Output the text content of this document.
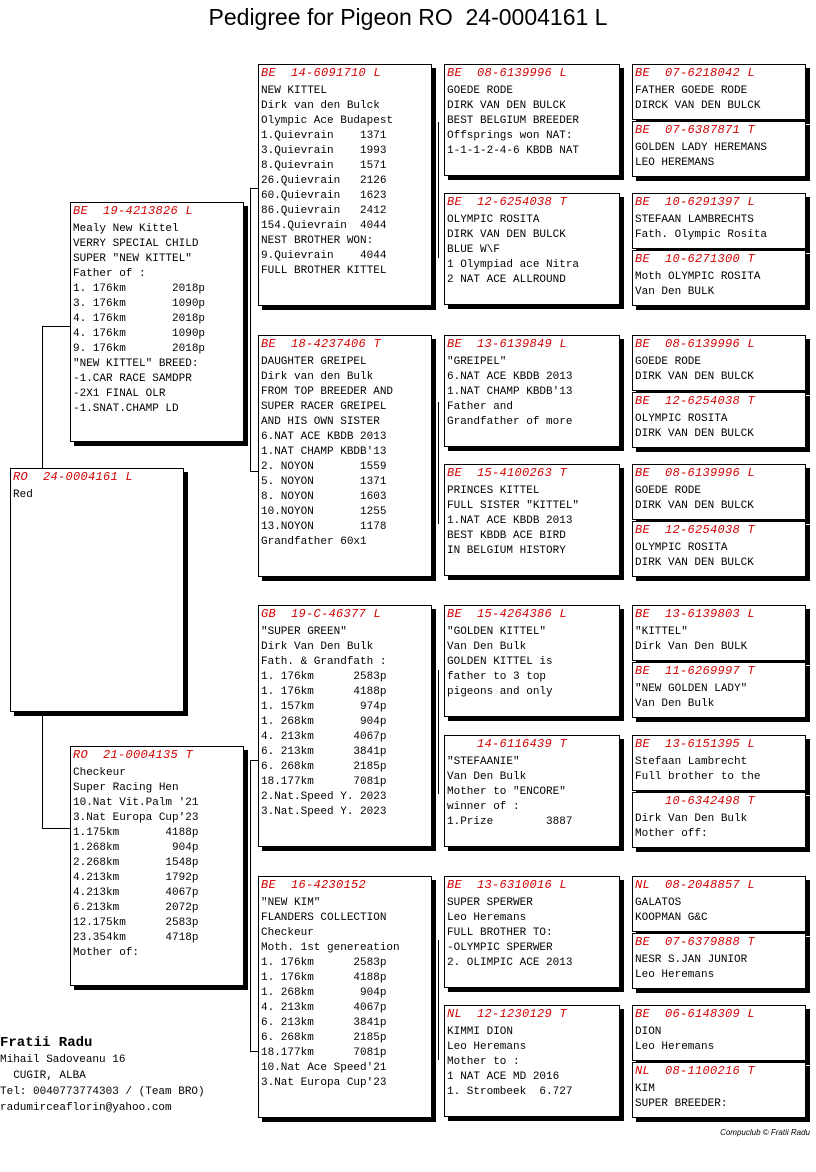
Pedigree for Pigeon RO  24-0004161 L
RO  24-0004161 L
Red
BE  19-4213826 L
Mealy New Kittel
VERRY SPECIAL CHILD
SUPER "NEW KITTEL"
Father of :
1. 176km       2018p
3. 176km       1090p
4. 176km       2018p
4. 176km       1090p
9. 176km       2018p
"NEW KITTEL" BREED:
-1.CAR RACE SAMDPR
-2X1 FINAL OLR
-1.SNAT.CHAMP LD
RO  21-0004135 T
Checkeur
Super Racing Hen
10.Nat Vit.Palm '21
3.Nat Europa Cup'23
1.175km       4188p
1.268km        904p
2.268km       1548p
4.213km       1792p
4.213km       4067p
6.213km       2072p
12.175km      2583p
23.354km      4718p
Mother of:
BE  14-6091710 L
NEW KITTEL
Dirk van den Bulck
Olympic Ace Budapest
1.Quievrain    1371
3.Quievrain    1993
8.Quievrain    1571
26.Quievrain   2126
60.Quievrain   1623
86.Quievrain   2412
154.Quievrain  4044
NEST BROTHER WON:
9.Quievrain    4044
FULL BROTHER KITTEL
BE  18-4237406 T
DAUGHTER GREIPEL
Dirk van den Bulk
FROM TOP BREEDER AND
SUPER RACER GREIPEL
AND HIS OWN SISTER
6.NAT ACE KBDB 2013
1.NAT CHAMP KBDB'13
2. NOYON       1559
5. NOYON       1371
8. NOYON       1603
10.NOYON       1255
13.NOYON       1178
Grandfather 60x1
GB  19-C-46377 L
"SUPER GREEN"
Dirk Van Den Bulk
Fath. & Grandfath :
1. 176km      2583p
1. 176km      4188p
1. 157km       974p
1. 268km       904p
4. 213km      4067p
6. 213km      3841p
6. 268km      2185p
18.177km      7081p
2.Nat.Speed Y. 2023
3.Nat.Speed Y. 2023
BE  16-4230152
"NEW KIM"
FLANDERS COLLECTION
Checkeur
Moth. 1st genereation
1. 176km      2583p
1. 176km      4188p
1. 268km       904p
4. 213km      4067p
6. 213km      3841p
6. 268km      2185p
18.177km      7081p
10.Nat Ace Speed'21
3.Nat Europa Cup'23
BE  08-6139996 L
GOEDE RODE
DIRK VAN DEN BULCK
BEST BELGIUM BREEDER
Offsprings won NAT:
1-1-1-2-4-6 KBDB NAT
BE  12-6254038 T
OLYMPIC ROSITA
DIRK VAN DEN BULCK
BLUE W\F
1 Olympiad ace Nitra
2 NAT ACE ALLROUND
BE  13-6139849 L
"GREIPEL"
6.NAT ACE KBDB 2013
1.NAT CHAMP KBDB'13
Father and
Grandfather of more
BE  15-4100263 T
PRINCES KITTEL
FULL SISTER "KITTEL"
1.NAT ACE KBDB 2013
BEST KBDB ACE BIRD
IN BELGIUM HISTORY
BE  15-4264386 L
"GOLDEN KITTEL"
Van Den Bulk
GOLDEN KITTEL is
father to 3 top
pigeons and only
14-6116439 T
"STEFAANIE"
Van Den Bulk
Mother to "ENCORE"
winner of :
1.Prize        3887
BE  13-6310016 L
SUPER SPERWER
Leo Heremans
FULL BROTHER TO:
-OLYMPIC SPERWER
2. OLIMPIC ACE 2013
NL  12-1230129 T
KIMMI DION
Leo Heremans
Mother to :
1 NAT ACE MD 2016
1. Strombeek  6.727
BE  07-6218042 L
FATHER GOEDE RODE
DIRCK VAN DEN BULCK
BE  07-6387871 T
GOLDEN LADY HEREMANS
LEO HEREMANS
BE  10-6291397 L
STEFAAN LAMBRECHTS
Fath. Olympic Rosita
BE  10-6271300 T
Moth OLYMPIC ROSITA
Van Den BULK
BE  08-6139996 L
GOEDE RODE
DIRK VAN DEN BULCK
BE  12-6254038 T
OLYMPIC ROSITA
DIRK VAN DEN BULCK
BE  08-6139996 L
GOEDE RODE
DIRK VAN DEN BULCK
BE  12-6254038 T
OLYMPIC ROSITA
DIRK VAN DEN BULCK
BE  13-6139803 L
"KITTEL"
Dirk Van Den BULK
BE  11-6269997 T
"NEW GOLDEN LADY"
Van Den Bulk
BE  13-6151395 L
Stefaan Lambrecht
Full brother to the
10-6342498 T
Dirk Van Den Bulk
Mother off:
NL  08-2048857 L
GALATOS
KOOPMAN G&C
BE  07-6379888 T
NESR S.JAN JUNIOR
Leo Heremans
BE  06-6148309 L
DION
Leo Heremans
NL  08-1100216 T
KIM
SUPER BREEDER:
Fratii Radu
Mihail Sadoveanu 16
CUGIR, ALBA
Tel: 0040773774303 / (Team BRO)
radumirceaflorin@yahoo.com
Compuclub © Fratii Radu
